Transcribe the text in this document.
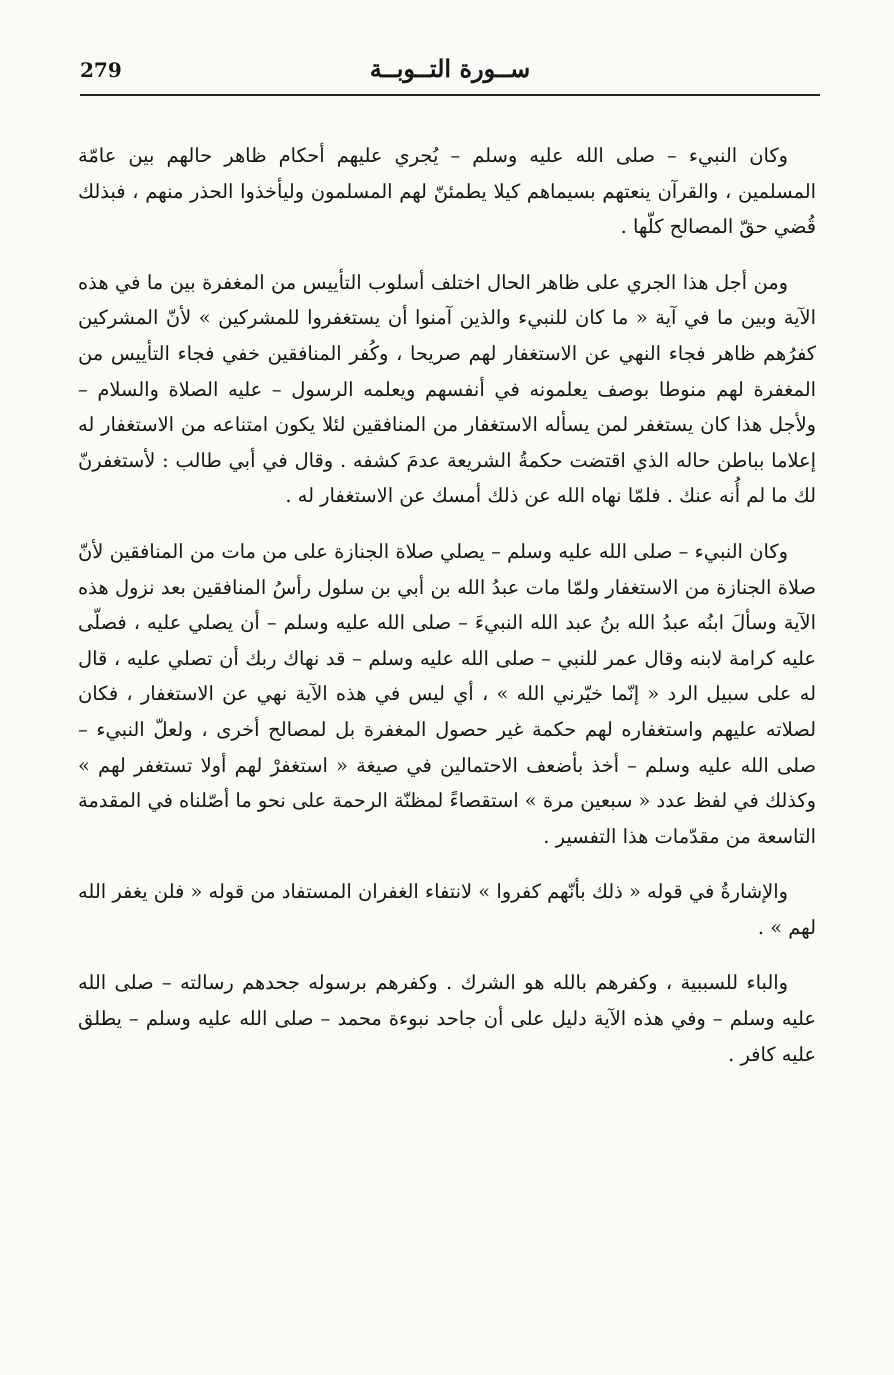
279	ســورة التــوبــة

وكان النبيء – صلى الله عليه وسلم – يُجري عليهم أحكام ظاهر حالهم بين عامّة المسلمين ، والقرآن ينعتهم بسيماهم كيلا يطمئنّ لهم المسلمون وليأخذوا الحذر منهم ، فبذلك قُضي حقّ المصالح كلّها .

ومن أجل هذا الجري على ظاهر الحال اختلف أسلوب التأييس من المغفرة بين ما في هذه الآية وبين ما في آية « ما كان للنبيء والذين آمنوا أن يستغفروا للمشركين » لأنّ المشركين كفرُهم ظاهر فجاء النهي عن الاستغفار لهم صريحا ، وكُفر المنافقين خفي فجاء التأييس من المغفرة لهم منوطا بوصف يعلمونه في أنفسهم ويعلمه الرسول – عليه الصلاة والسلام – ولأجل هذا كان يستغفر لمن يسأله الاستغفار من المنافقين لئلا يكون امتناعه من الاستغفار له إعلاما بباطن حاله الذي اقتضت حكمةُ الشريعة عدمَ كشفه . وقال في أبي طالب : لأستغفرنّ لك ما لم أُنه عنك . فلمّا نهاه الله عن ذلك أمسك عن الاستغفار له .

وكان النبيء – صلى الله عليه وسلم – يصلي صلاة الجنازة على من مات من المنافقين لأنّ صلاة الجنازة من الاستغفار ولمّا مات عبدُ الله بن أبي بن سلول رأسُ المنافقين بعد نزول هذه الآية وسألَ ابنُه عبدُ الله بنُ عبد الله النبيءَ – صلى الله عليه وسلم – أن يصلي عليه ، فصلّى عليه كرامة لابنه وقال عمر للنبي – صلى الله عليه وسلم – قد نهاك ربك أن تصلي عليه ، قال له على سبيل الرد « إنّما خيّرني الله » ، أي ليس في هذه الآية نهي عن الاستغفار ، فكان لصلاته عليهم واستغفاره لهم حكمة غير حصول المغفرة بل لمصالح أخرى ، ولعلّ النبيء – صلى الله عليه وسلم – أخذ بأضعف الاحتمالين في صيغة « استغفرْ لهم أولا تستغفر لهم » وكذلك في لفظ عدد « سبعين مرة » استقصاءً لمظنّة الرحمة على نحو ما أصّلناه في المقدمة التاسعة من مقدّمات هذا التفسير .

والإشارةُ في قوله « ذلك بأنّهم كفروا » لانتفاء الغفران المستفاد من قوله « فلن يغفر الله لهم » .

والباء للسببية ، وكفرهم بالله هو الشرك . وكفرهم برسوله جحدهم رسالته – صلى الله عليه وسلم – وفي هذه الآية دليل على أن جاحد نبوءة محمد – صلى الله عليه وسلم – يطلق عليه كافر .
